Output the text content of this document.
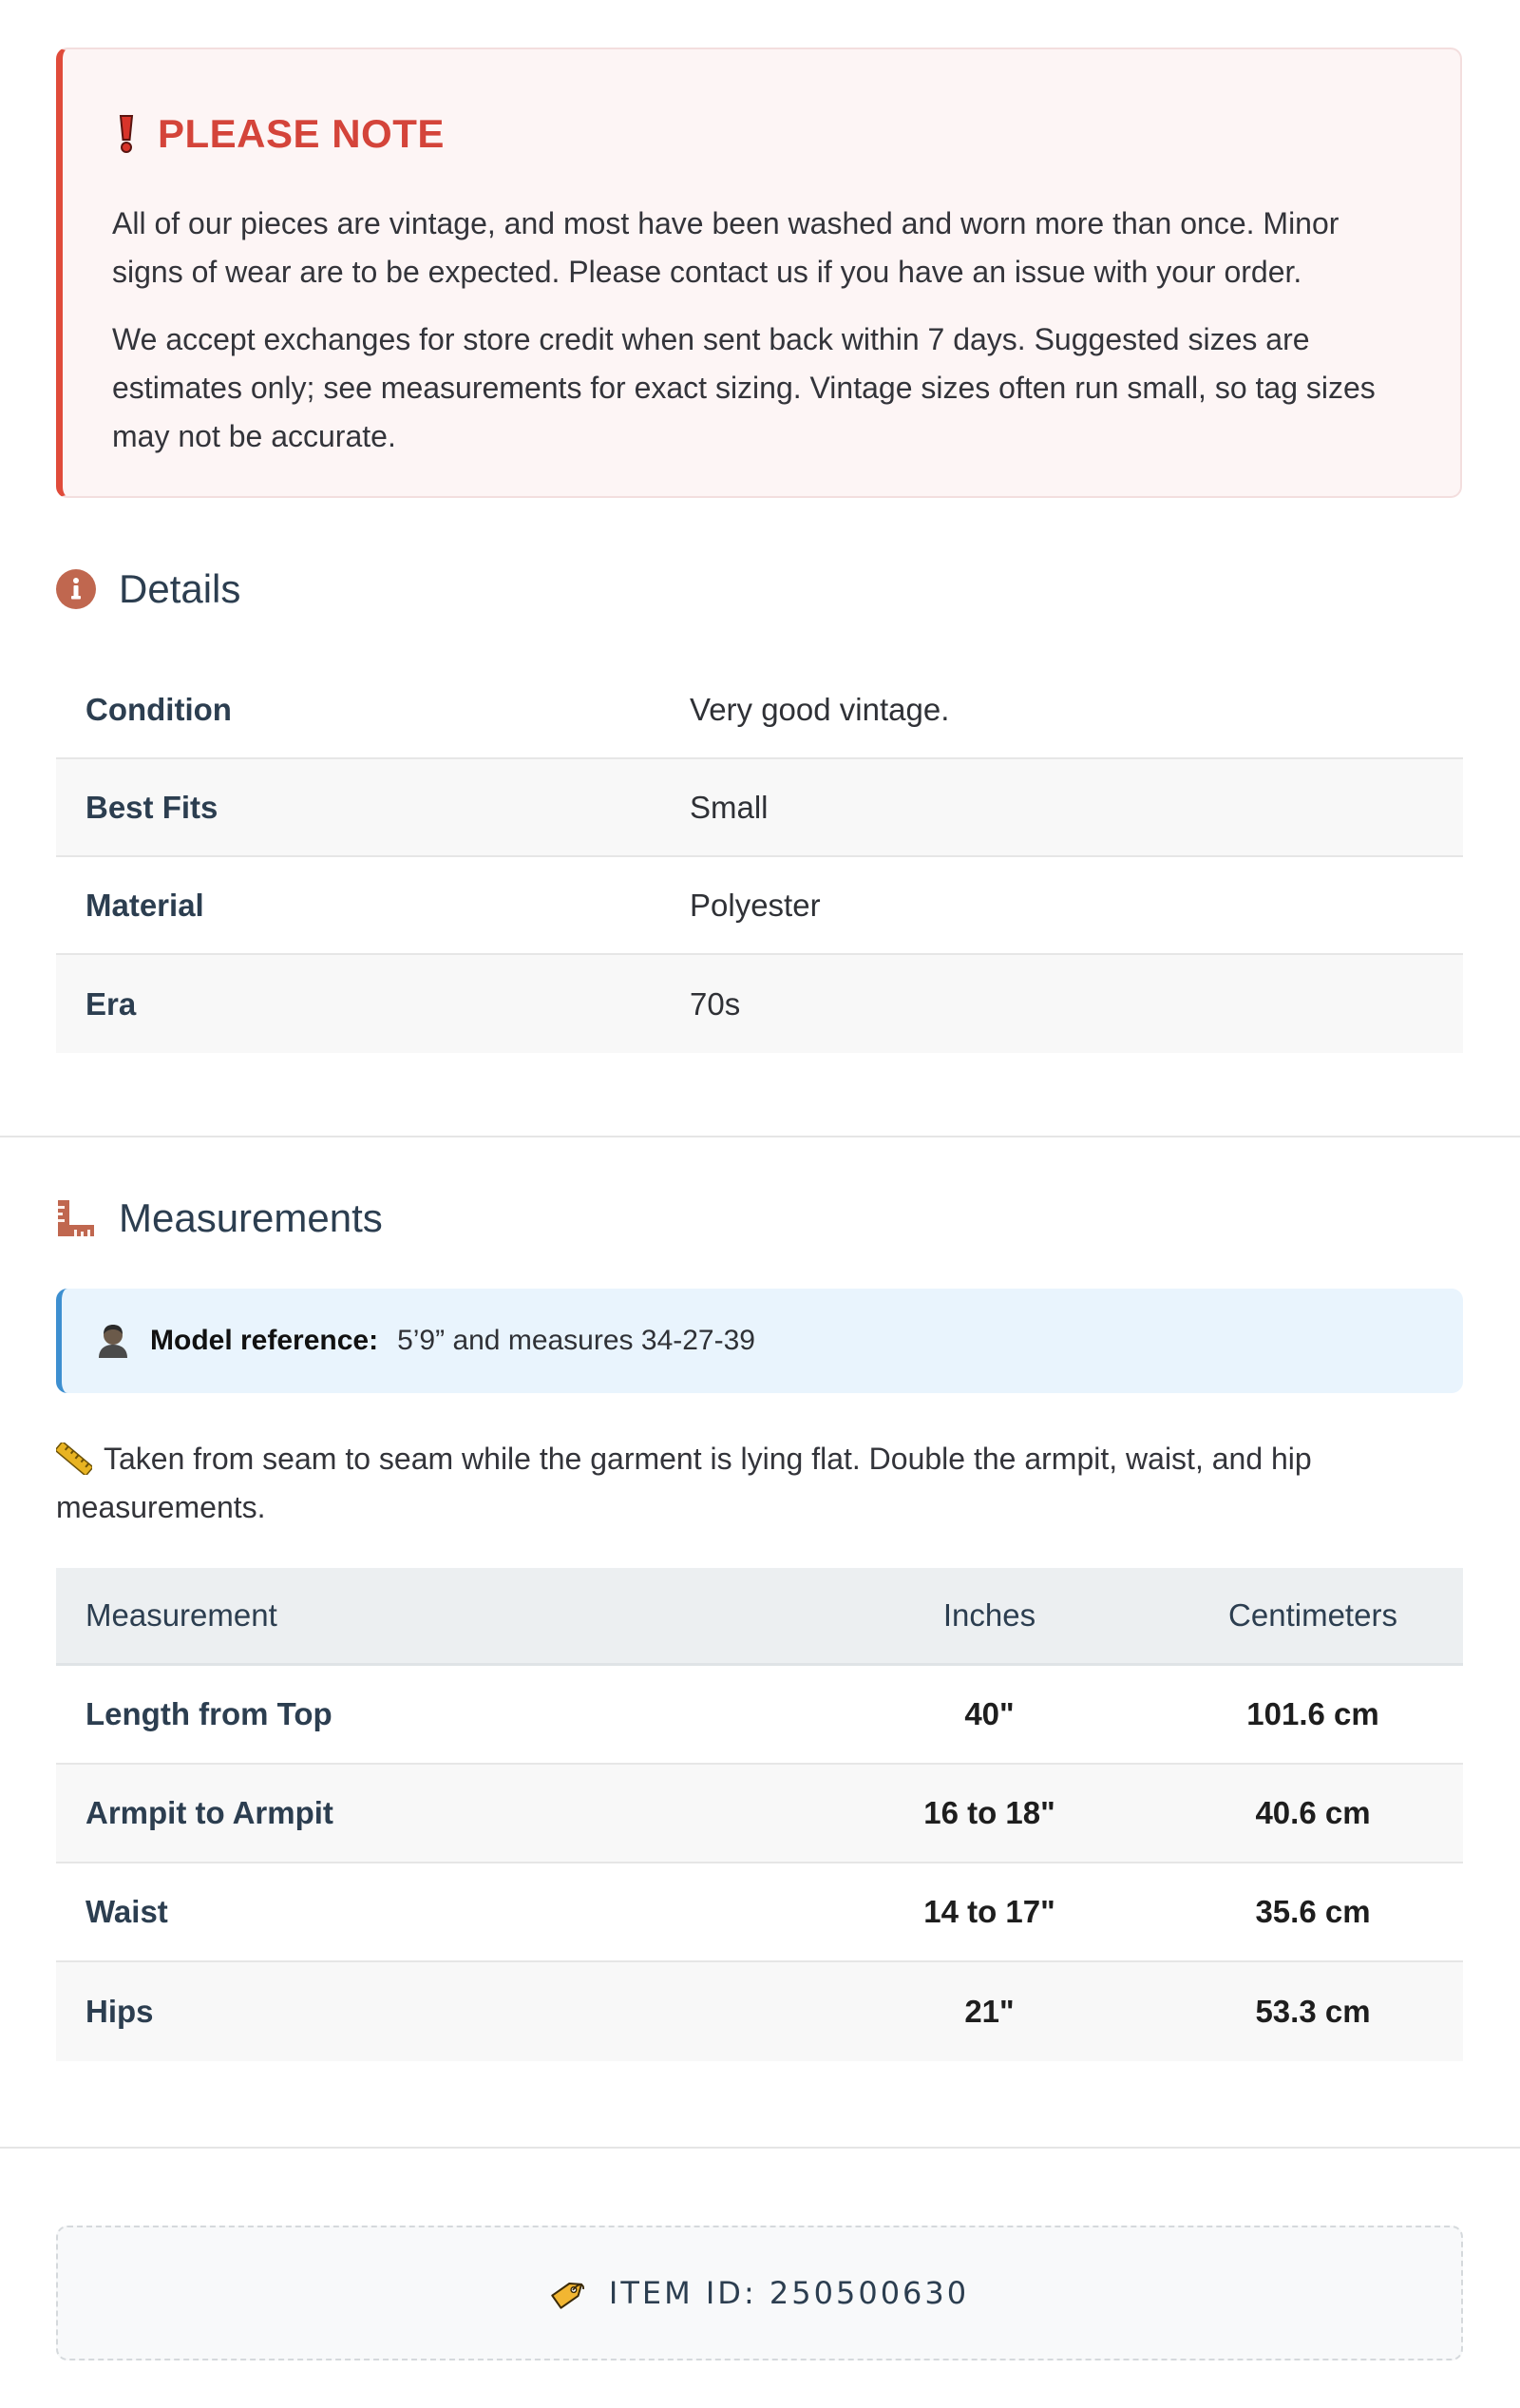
PLEASE NOTE

All of our pieces are vintage, and most have been washed and worn more than once. Minor signs of wear are to be expected. Please contact us if you have an issue with your order.

We accept exchanges for store credit when sent back within 7 days. Suggested sizes are estimates only; see measurements for exact sizing. Vintage sizes often run small, so tag sizes may not be accurate.

Details
Condition	Very good vintage.
Best Fits	Small
Material	Polyester
Era	70s
Measurements
Model reference: 5’9” and measures 34-27-39
Taken from seam to seam while the garment is lying flat. Double the armpit, waist, and hip measurements.
Measurement	Inches	Centimeters
Length from Top	40"	101.6 cm
Armpit to Armpit	16 to 18"	40.6 cm
Waist	14 to 17"	35.6 cm
Hips	21"	53.3 cm
ITEM ID: 250500630
